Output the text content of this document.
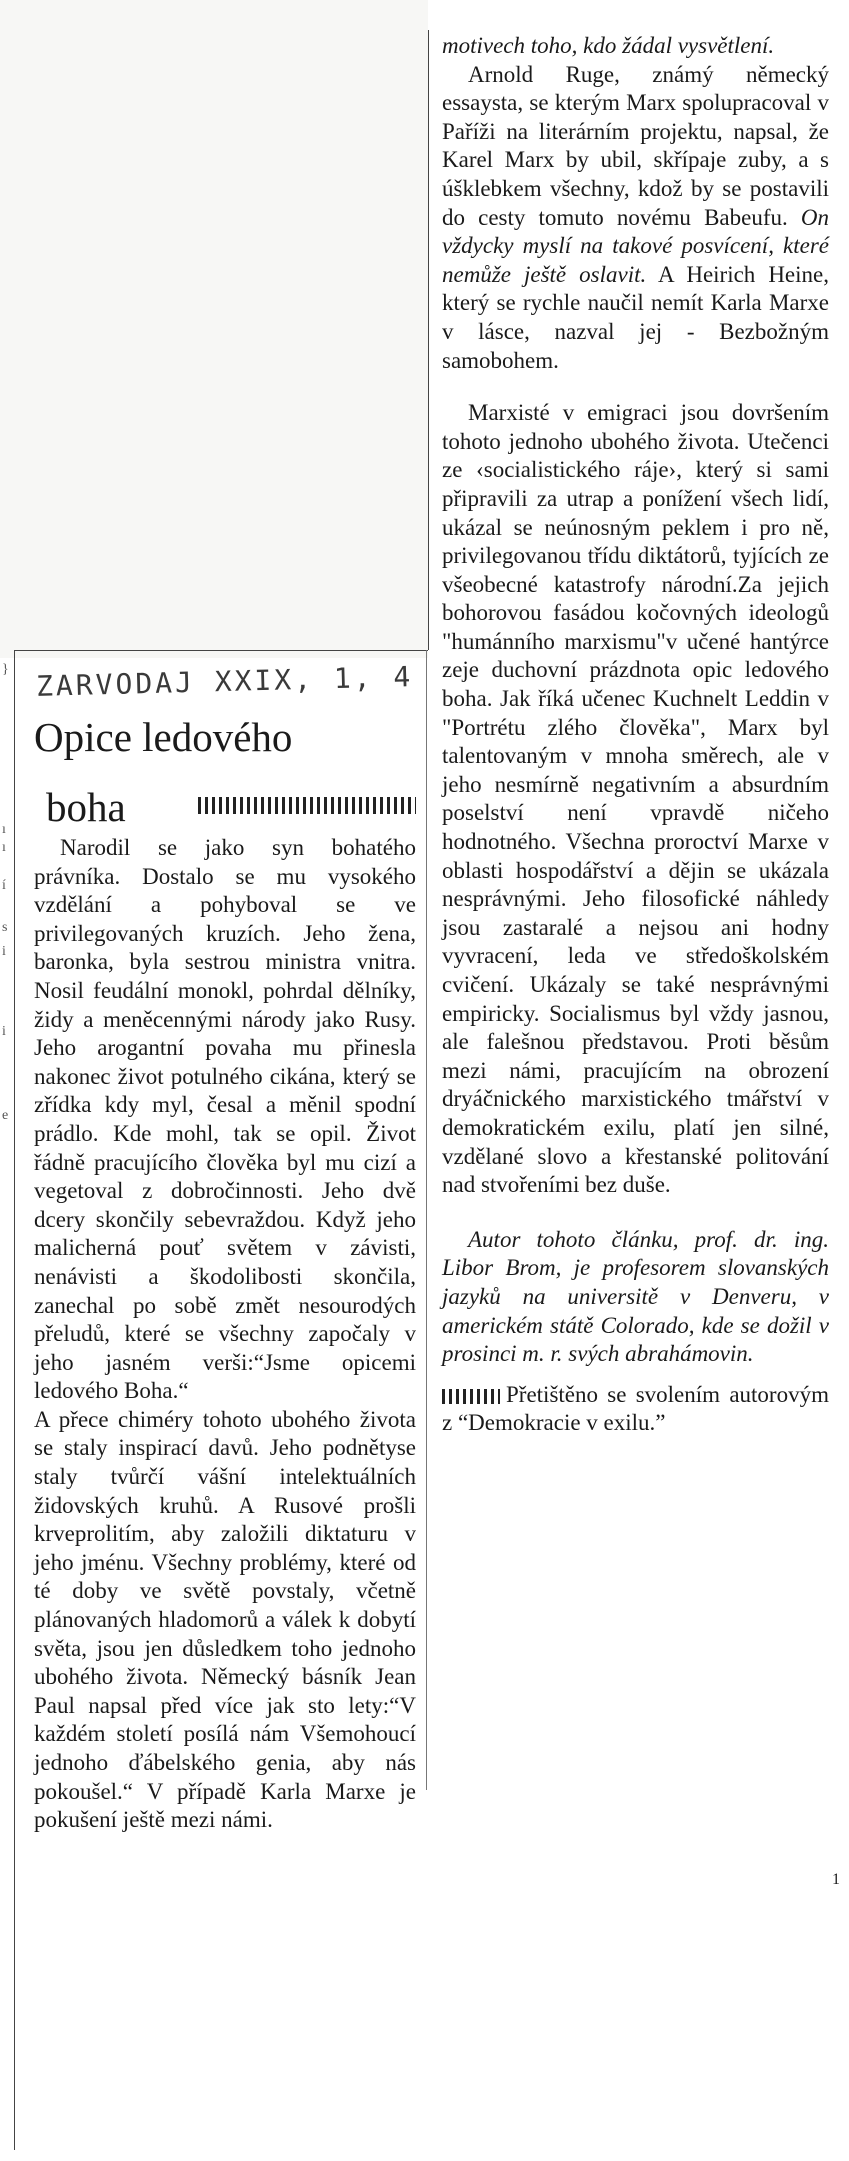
}
ı
ı
í
s
i
i
e
ZARVODAJ XXIX, 1, 4
Opice ledového
boha

Narodil se jako syn bohatého právníka. Dostalo se mu vysokého vzdělání a pohyboval se ve privilegovaných kruzích. Jeho žena, baronka, byla sestrou ministra vnitra. Nosil feudální monokl, pohrdal dělníky, židy a meněcennými národy jako Rusy. Jeho arogantní povaha mu přinesla nakonec život potulného cikána, který se zřídka kdy myl, česal a měnil spodní prádlo. Kde mohl, tak se opil. Život řádně pracujícího člověka byl mu cizí a vegetoval z dobročinnosti. Jeho dvě dcery skončily sebevraždou. Když jeho malicherná pouť světem v závisti, nenávisti a škodolibosti skončila, zanechal po sobě změt nesourodých přeludů, které se všechny započaly v jeho jasném verši:“Jsme opicemi ledového Boha.“

A přece chiméry tohoto ubohého života se staly inspirací davů. Jeho podnětyse staly tvůrčí vášní intelektuálních židovských kruhů. A Rusové prošli krveprolitím, aby založili diktaturu v jeho jménu. Všechny problémy, které od té doby ve světě povstaly, včetně plánovaných hladomorů a válek k dobytí světa, jsou jen důsledkem toho jednoho ubohého života. Německý básník Jean Paul napsal před více jak sto lety:“V každém století posílá nám Všemohoucí jednoho ďábelského genia, aby nás pokoušel.“ V případě Karla Marxe je pokušení ještě mezi námi.

motivech toho, kdo žádal vysvětlení.

Arnold Ruge, známý německý essaysta, se kterým Marx spolupracoval v Paříži na literárním projektu, napsal, že Karel Marx by ubil, skřípaje zuby, a s úšklebkem všechny, kdož by se postavili do cesty tomuto novému Babeufu. On vždycky myslí na takové posvícení, které nemůže ještě oslavit. A Heirich Heine, který se rychle naučil nemít Karla Marxe v lásce, nazval jej - Bezbožným samobohem.

Marxisté v emigraci jsou dovršením tohoto jednoho ubohého života. Utečenci ze ‹socialistického ráje›, který si sami připravili za utrap a ponížení všech lidí, ukázal se neúnosným peklem i pro ně, privilegovanou třídu diktátorů, tyjících ze všeobecné katastrofy národní.Za jejich bohorovou fasádou kočovných ideologů "humánního marxismu"v učené hantýrce zeje duchovní prázdnota opic ledového boha. Jak říká učenec Kuchnelt Leddin v "Portrétu zlého člověka", Marx byl talentovaným v mnoha směrech, ale v jeho nesmírně negativním a absurdním poselství není vpravdě ničeho hodnotného. Všechna proroctví Marxe v oblasti hospodářství a dějin se ukázala nesprávnými. Jeho filosofické náhledy jsou zastaralé a nejsou ani hodny vyvracení, leda ve středoškolském cvičení. Ukázaly se také nesprávnými empiricky. Socialismus byl vždy jasnou, ale falešnou představou. Proti běsům mezi námi, pracujícím na obrození dryáčnického marxistického tmářství v demokratickém exilu, platí jen silné, vzdělané slovo a křestanské politování nad stvořeními bez duše.

Autor tohoto článku, prof. dr. ing. Libor Brom, je profesorem slovanských jazyků na universitě v Denveru, v americkém státě Colorado, kde se dožil v prosinci m. r. svých abrahámovin.

Přetištěno se svolením autorovým z “Demokracie v exilu.”

1
